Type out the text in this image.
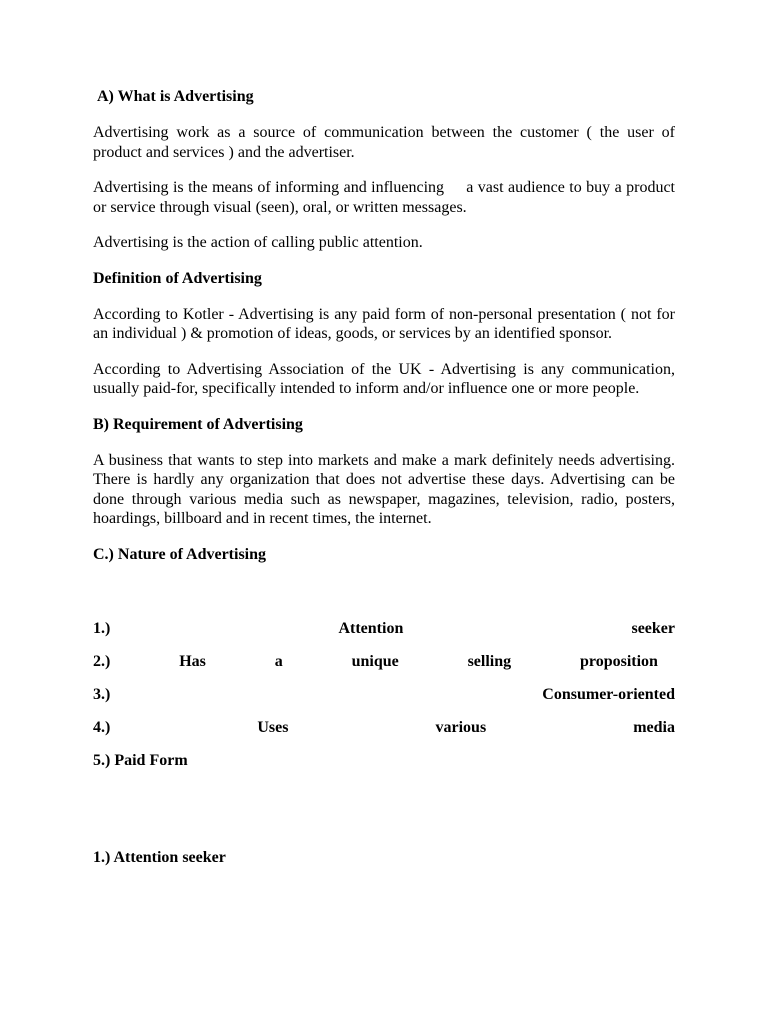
A) What is Advertising

Advertising work as a source of communication between the customer ( the user of product and services ) and the advertiser.

Advertising is the means of informing and influencing     a vast audience to buy a product or service through visual (seen), oral, or written messages.

Advertising is the action of calling public attention.

Definition of Advertising

According to Kotler - Advertising is any paid form of non-personal presentation ( not for an individual ) & promotion of ideas, goods, or services by an identified sponsor.

According to Advertising Association of the UK - Advertising is any communication, usually paid-for, specifically intended to inform and/or influence one or more people.

B) Requirement of Advertising

A business that wants to step into markets and make a mark definitely needs advertising. There is hardly any organization that does not advertise these days. Advertising can be done through various media such as newspaper, magazines, television, radio, posters, hoardings, billboard and in recent times, the internet.

C.) Nature of Advertising
1.)	Attention	seeker
2.)	Has	a	unique	selling	proposition
3.)	Consumer-oriented
4.)	Uses	various	media
5.) Paid Form
1.) Attention seeker
